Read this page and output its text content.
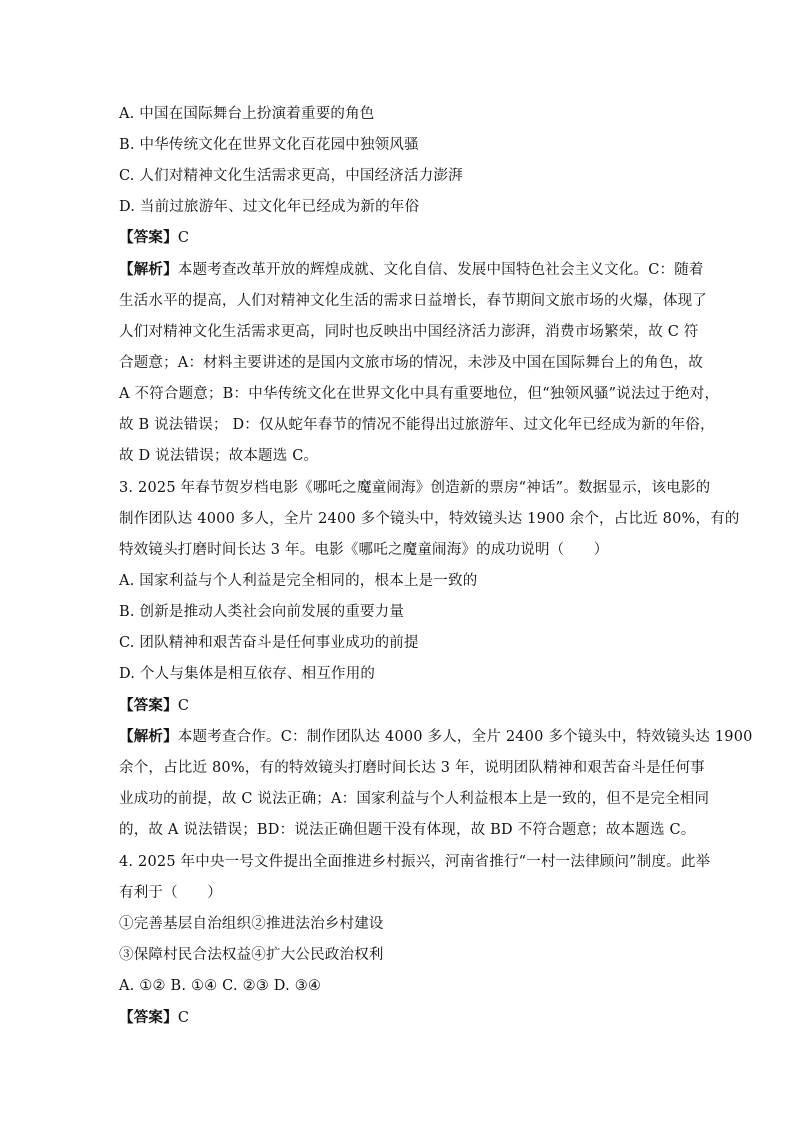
A. 中国在国际舞台上扮演着重要的角色
B. 中华传统文化在世界文化百花园中独领风骚
C. 人们对精神文化生活需求更高，中国经济活力澎湃
D. 当前过旅游年、过文化年已经成为新的年俗
【答案】C
【解析】本题考查改革开放的辉煌成就、文化自信、发展中国特色社会主义文化。C：随着
生活水平的提高，人们对精神文化生活的需求日益增长，春节期间文旅市场的火爆，体现了
人们对精神文化生活需求更高，同时也反映出中国经济活力澎湃，消费市场繁荣，故 C 符
合题意；A：材料主要讲述的是国内文旅市场的情况，未涉及中国在国际舞台上的角色，故
A 不符合题意；B：中华传统文化在世界文化中具有重要地位，但“独领风骚”说法过于绝对，
故 B 说法错误； D：仅从蛇年春节的情况不能得出过旅游年、过文化年已经成为新的年俗，
故 D 说法错误；故本题选 C。
3. 2025 年春节贺岁档电影《哪吒之魔童闹海》创造新的票房“神话”。数据显示，该电影的
制作团队达 4000 多人，全片 2400 多个镜头中，特效镜头达 1900 余个，占比近 80%，有的
特效镜头打磨时间长达 3 年。电影《哪吒之魔童闹海》的成功说明（　　）
A. 国家利益与个人利益是完全相同的，根本上是一致的
B. 创新是推动人类社会向前发展的重要力量
C. 团队精神和艰苦奋斗是任何事业成功的前提
D. 个人与集体是相互依存、相互作用的
【答案】C
【解析】本题考查合作。C：制作团队达 4000 多人，全片 2400 多个镜头中，特效镜头达 1900
余个，占比近 80%，有的特效镜头打磨时间长达 3 年，说明团队精神和艰苦奋斗是任何事
业成功的前提，故 C 说法正确；A：国家利益与个人利益根本上是一致的，但不是完全相同
的，故 A 说法错误；BD：说法正确但题干没有体现，故 BD 不符合题意；故本题选 C。
4. 2025 年中央一号文件提出全面推进乡村振兴，河南省推行“一村一法律顾问”制度。此举
有利于（　　）
①完善基层自治组织②推进法治乡村建设
③保障村民合法权益④扩大公民政治权利
A. ①② B. ①④ C. ②③ D. ③④
【答案】C
